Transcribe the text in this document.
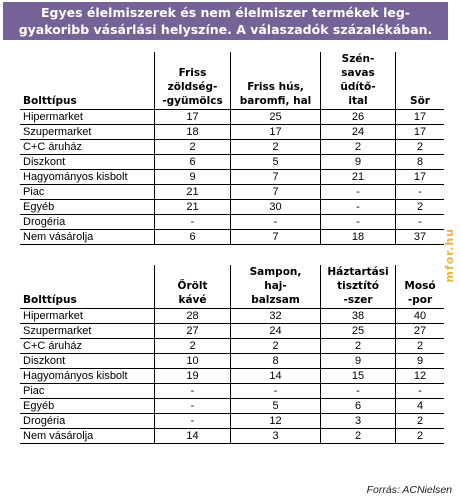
Egyes élelmiszerek és nem élelmiszer termékek leg-
gyakoribb vásárlási helyszíne. A válaszadók százalékában.
Bolttípus	Friss
zöldség-
-gyümölcs	Friss hús,
baromfi, hal	Szén-
savas
üdítő-
ital	Sör

Hipermarket	17	25	26	17
Szupermarket	18	17	24	17
C+C áruház	2	2	2	2
Diszkont	6	5	9	8
Hagyományos kisbolt	9	7	21	17
Piac	21	7	-	-
Egyéb	21	30	-	2
Drogéria	-	-	-	-
Nem vásárolja	6	7	18	37
Bolttípus	Őrölt
kávé	Sampon,
haj-
balzsam	Háztartási
tisztító
-szer	Mosó
-por

Hipermarket	28	32	38	40
Szupermarket	27	24	25	27
C+C áruház	2	2	2	2
Diszkont	10	8	9	9
Hagyományos kisbolt	19	14	15	12
Piac	-	-	-	-
Egyéb	-	5	6	4
Drogéria	-	12	3	2
Nem vásárolja	14	3	2	2
mfor.hu
Forrás: ACNielsen
